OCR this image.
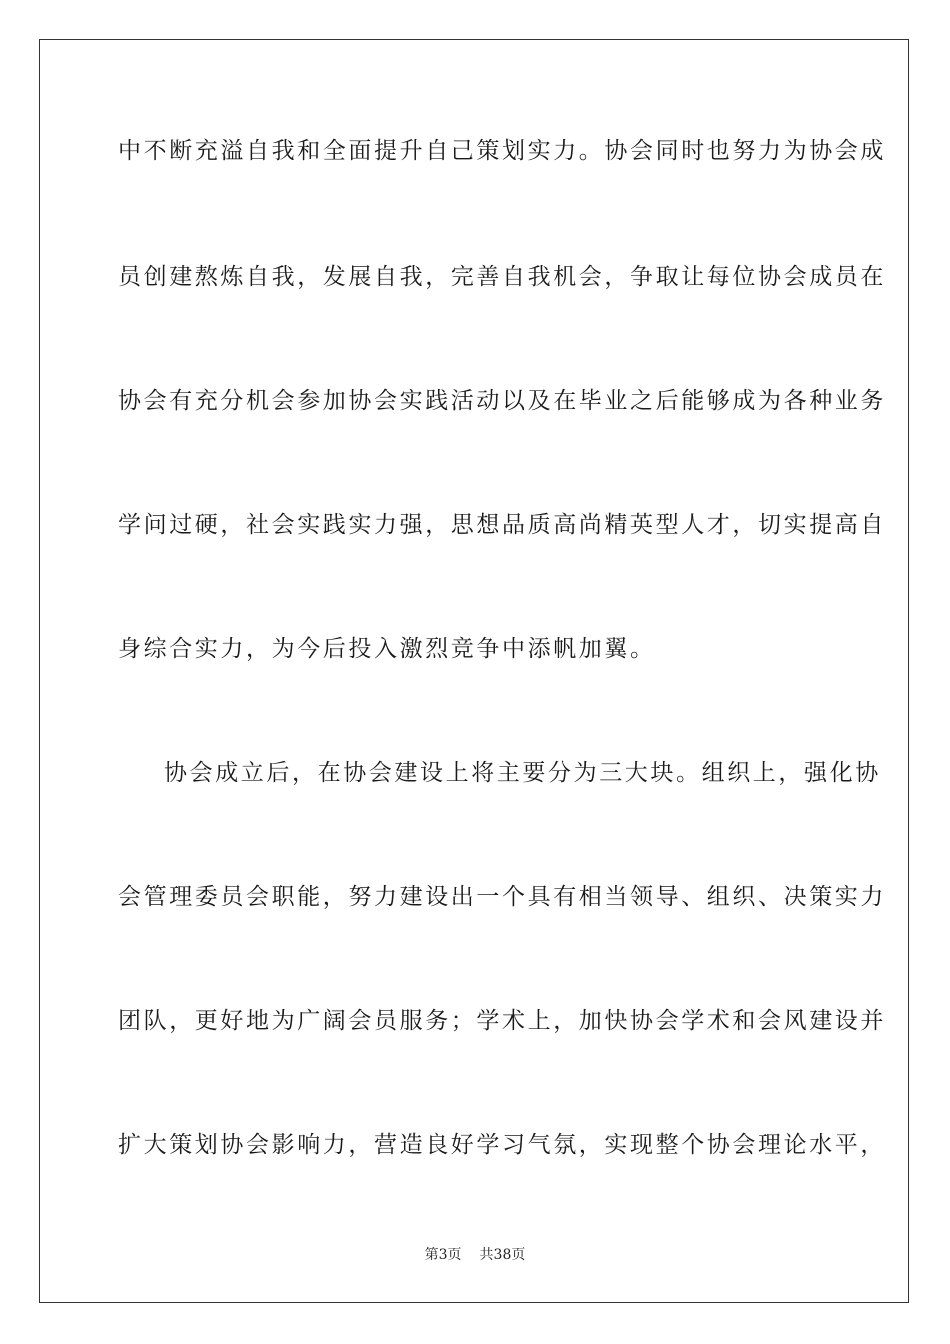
中不断充溢自我和全面提升自己策划实力。协会同时也努力为协会成
员创建熬炼自我，发展自我，完善自我机会，争取让每位协会成员在
协会有充分机会参加协会实践活动以及在毕业之后能够成为各种业务
学问过硬，社会实践实力强，思想品质高尚精英型人才，切实提高自
身综合实力，为今后投入激烈竞争中添帆加翼。
协会成立后，在协会建设上将主要分为三大块。组织上，强化协
会管理委员会职能，努力建设出一个具有相当领导、组织、决策实力
团队，更好地为广阔会员服务；学术上，加快协会学术和会风建设并
扩大策划协会影响力，营造良好学习气氛，实现整个协会理论水平，
第3页 共38页
